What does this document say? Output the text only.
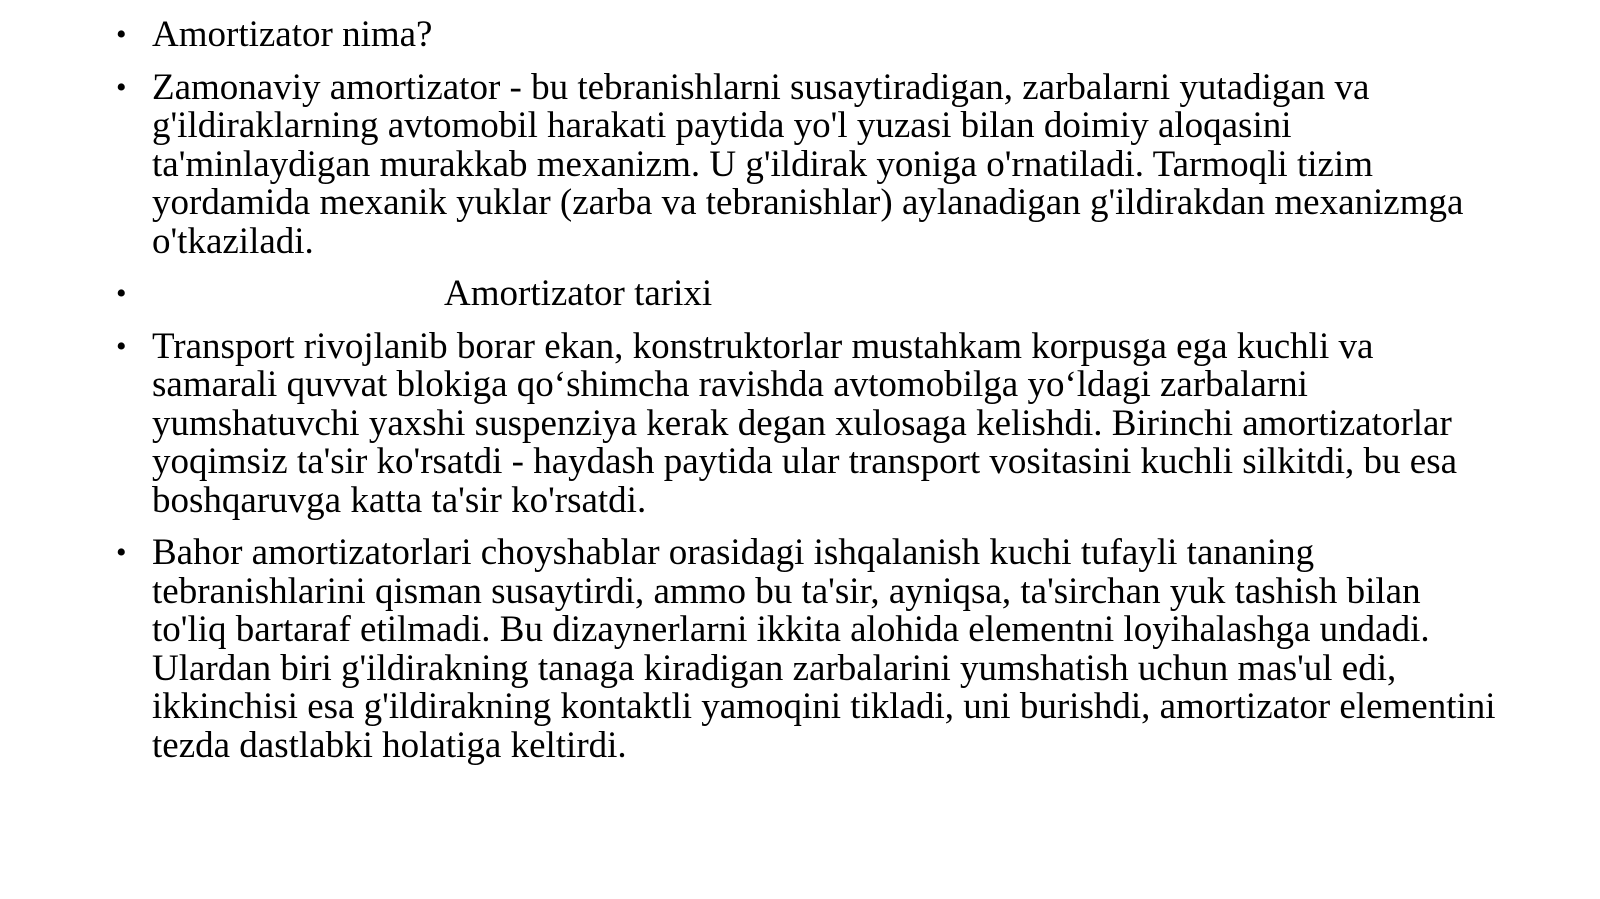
• Amortizator nima?
• Zamonaviy amortizator - bu tebranishlarni susaytiradigan, zarbalarni yutadigan va g'ildiraklarning avtomobil harakati paytida yo'l yuzasi bilan doimiy aloqasini ta'minlaydigan murakkab mexanizm. U g'ildirak yoniga o'rnatiladi. Tarmoqli tizim yordamida mexanik yuklar (zarba va tebranishlar) aylanadigan g'ildirakdan mexanizmga o'tkaziladi.
•	Amortizator tarixi
• Transport rivojlanib borar ekan, konstruktorlar mustahkam korpusga ega kuchli va samarali quvvat blokiga qo‘shimcha ravishda avtomobilga yo‘ldagi zarbalarni yumshatuvchi yaxshi suspenziya kerak degan xulosaga kelishdi. Birinchi amortizatorlar yoqimsiz ta'sir ko'rsatdi - haydash paytida ular transport vositasini kuchli silkitdi, bu esa boshqaruvga katta ta'sir ko'rsatdi.
• Bahor amortizatorlari choyshablar orasidagi ishqalanish kuchi tufayli tananing tebranishlarini qisman susaytirdi, ammo bu ta'sir, ayniqsa, ta'sirchan yuk tashish bilan to'liq bartaraf etilmadi. Bu dizaynerlarni ikkita alohida elementni loyihalashga undadi. Ulardan biri g'ildirakning tanaga kiradigan zarbalarini yumshatish uchun mas'ul edi, ikkinchisi esa g'ildirakning kontaktli yamoqini tikladi, uni burishdi, amortizator elementini tezda dastlabki holatiga keltirdi.
